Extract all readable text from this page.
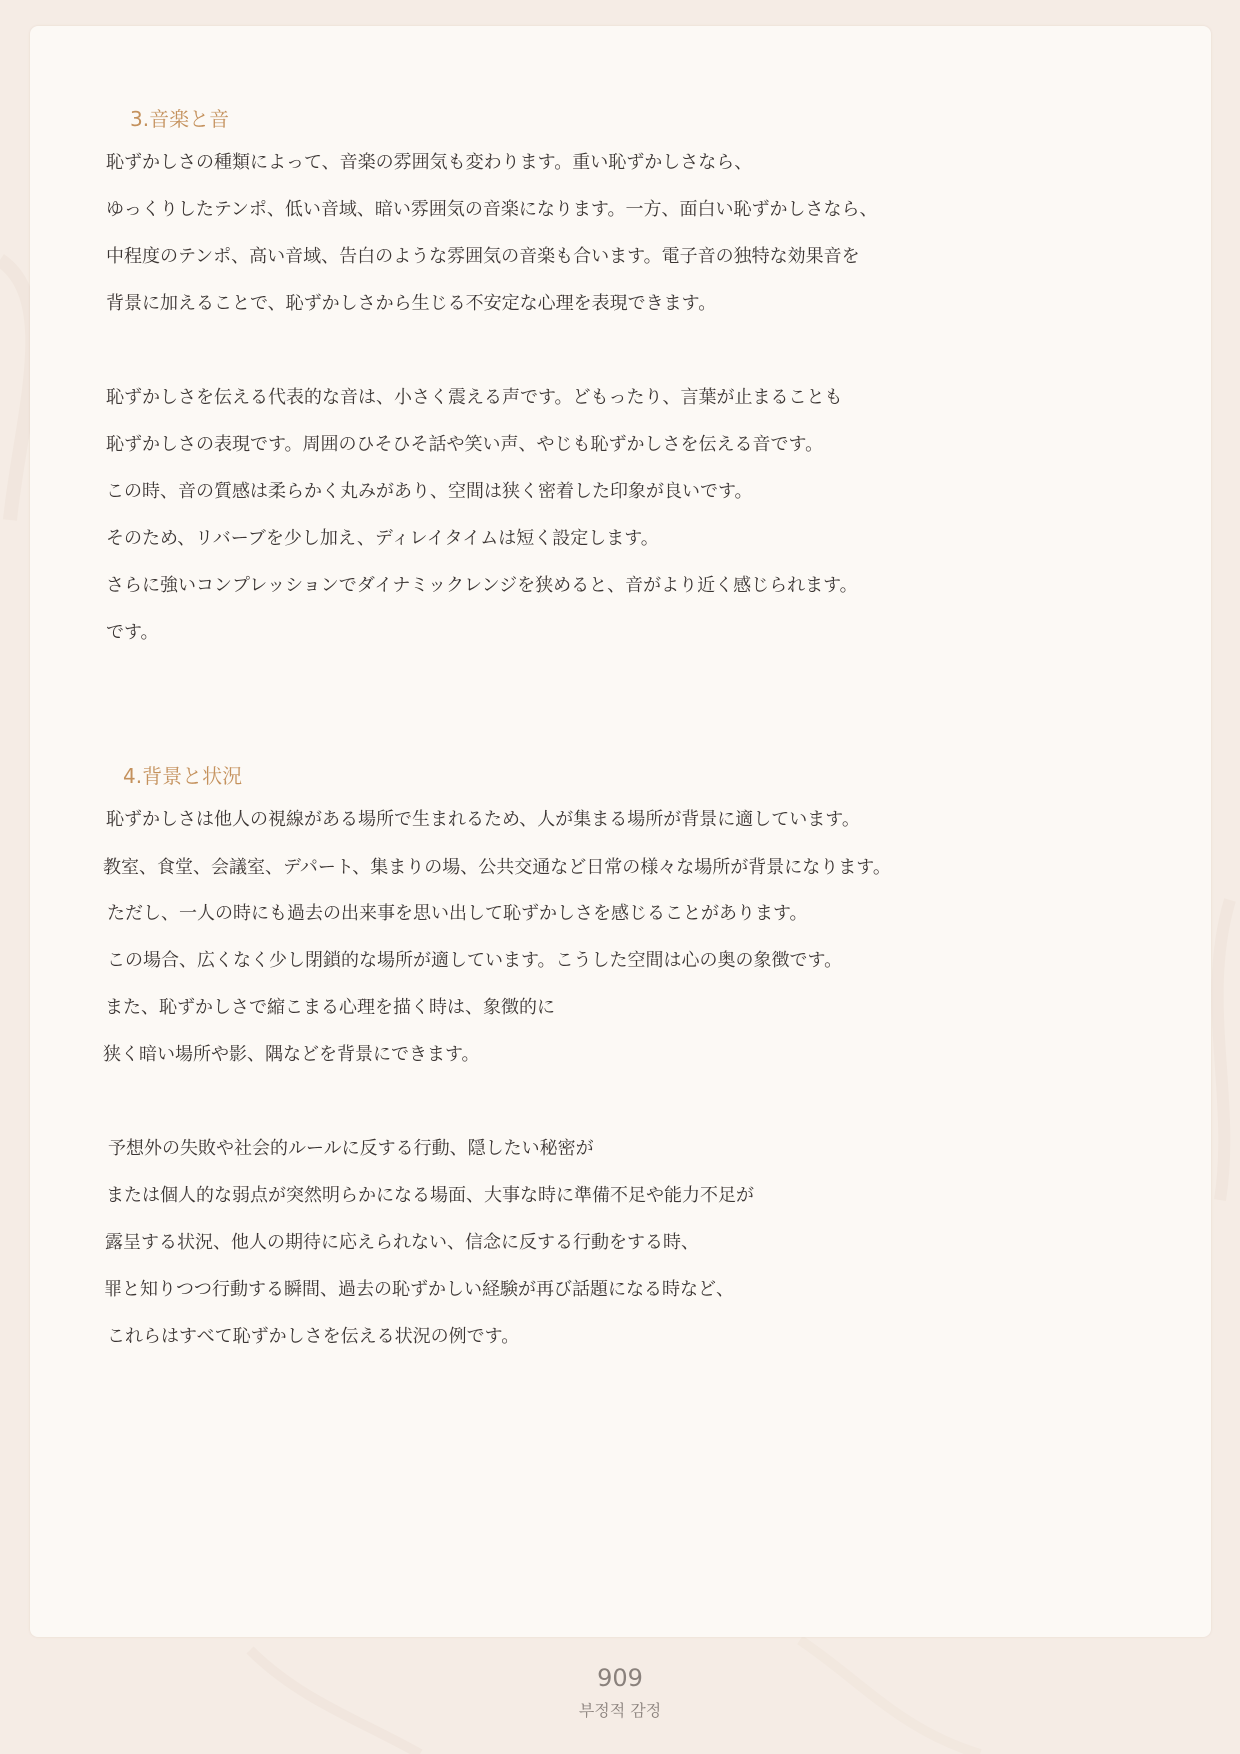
3.音楽と音
恥ずかしさの種類によって、音楽の雰囲気も変わります。重い恥ずかしさなら、
ゆっくりしたテンポ、低い音域、暗い雰囲気の音楽になります。一方、面白い恥ずかしさなら、
中程度のテンポ、高い音域、告白のような雰囲気の音楽も合います。電子音の独特な効果音を
背景に加えることで、恥ずかしさから生じる不安定な心理を表現できます。
恥ずかしさを伝える代表的な音は、小さく震える声です。どもったり、言葉が止まることも
恥ずかしさの表現です。周囲のひそひそ話や笑い声、やじも恥ずかしさを伝える音です。
この時、音の質感は柔らかく丸みがあり、空間は狭く密着した印象が良いです。
そのため、リバーブを少し加え、ディレイタイムは短く設定します。
さらに強いコンプレッションでダイナミックレンジを狭めると、音がより近く感じられます。
です。
4.背景と状況
恥ずかしさは他人の視線がある場所で生まれるため、人が集まる場所が背景に適しています。
教室、食堂、会議室、デパート、集まりの場、公共交通など日常の様々な場所が背景になります。
ただし、一人の時にも過去の出来事を思い出して恥ずかしさを感じることがあります。
この場合、広くなく少し閉鎖的な場所が適しています。こうした空間は心の奥の象徴です。
また、恥ずかしさで縮こまる心理を描く時は、象徴的に
狭く暗い場所や影、隅などを背景にできます。
予想外の失敗や社会的ルールに反する行動、隠したい秘密が
または個人的な弱点が突然明らかになる場面、大事な時に準備不足や能力不足が
露呈する状況、他人の期待に応えられない、信念に反する行動をする時、
罪と知りつつ行動する瞬間、過去の恥ずかしい経験が再び話題になる時など、
これらはすべて恥ずかしさを伝える状況の例です。
909
부정적 감정
